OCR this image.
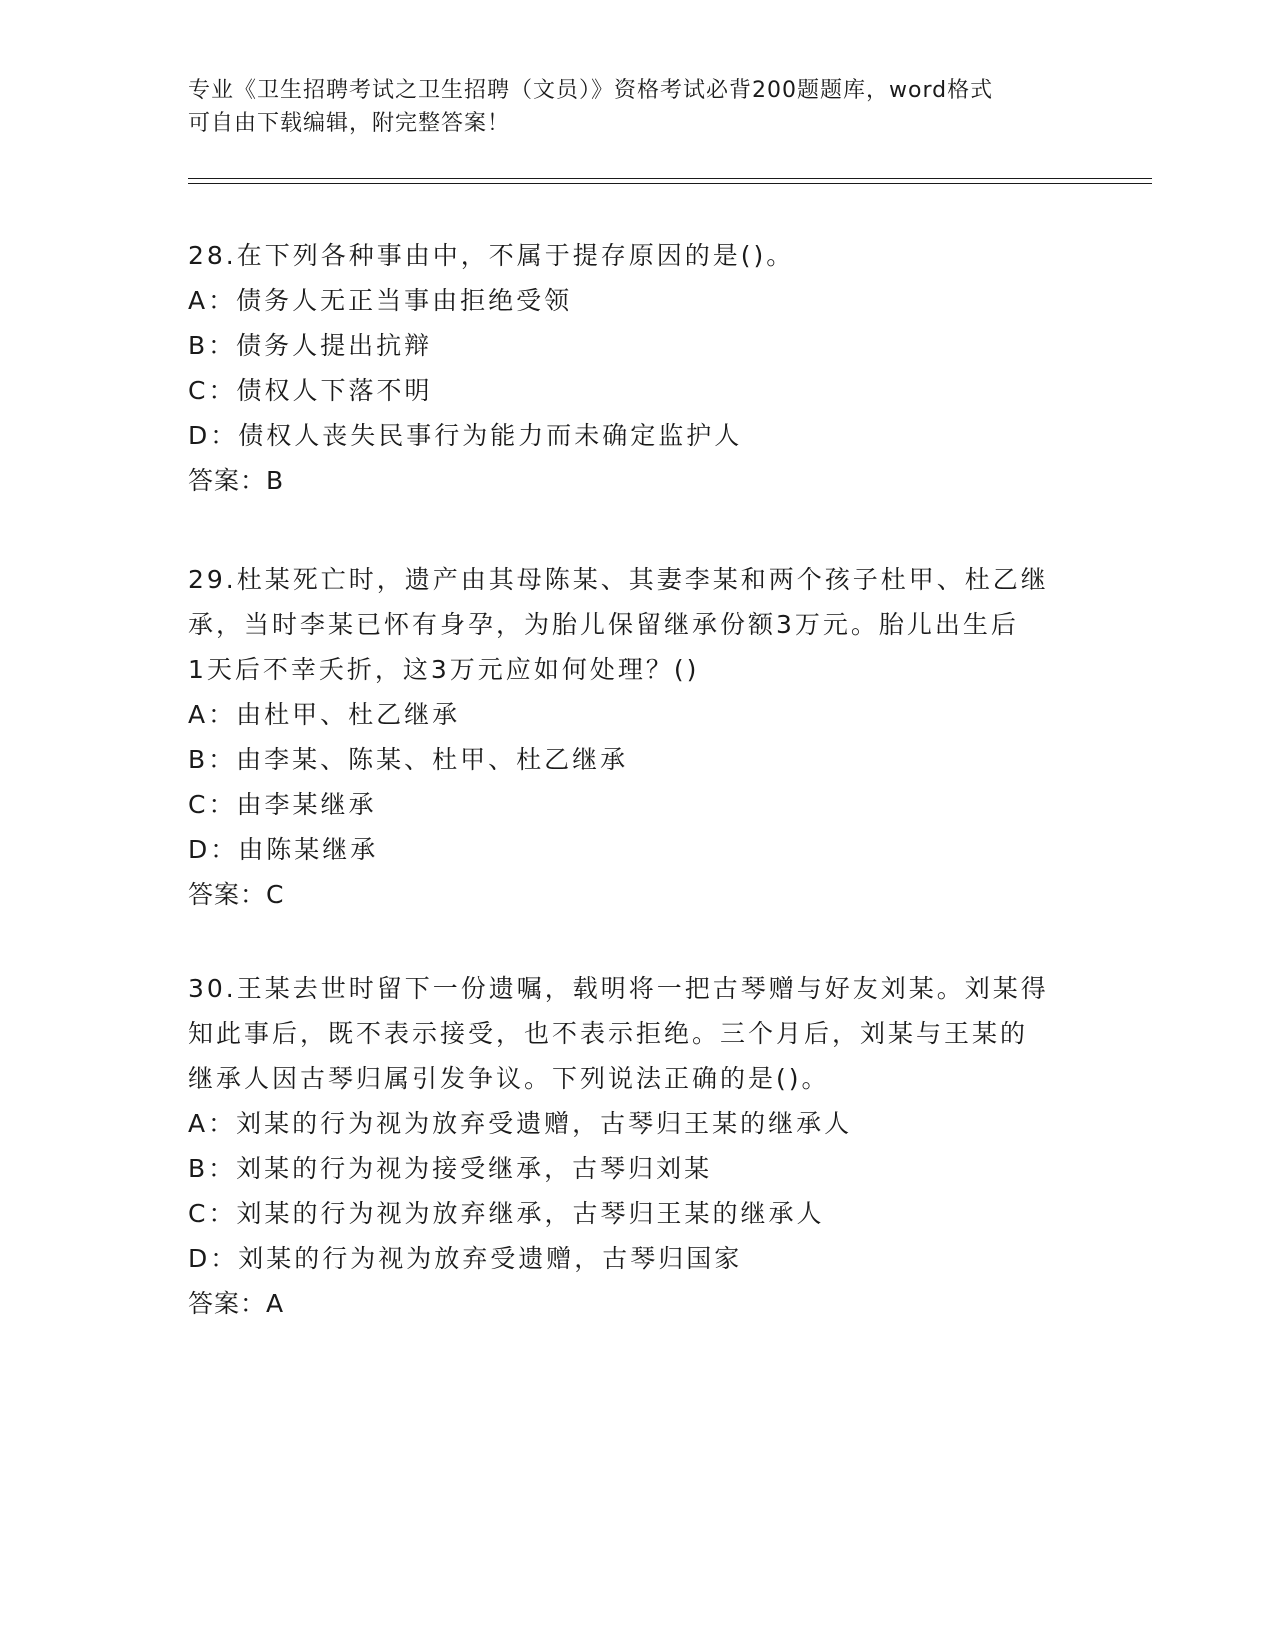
专业《卫生招聘考试之卫生招聘（文员）》资格考试必背200题题库，word格式
可自由下载编辑，附完整答案！
28.在下列各种事由中，不属于提存原因的是()。
A：债务人无正当事由拒绝受领
B：债务人提出抗辩
C：债权人下落不明
D：债权人丧失民事行为能力而未确定监护人
答案：B
29.杜某死亡时，遗产由其母陈某、其妻李某和两个孩子杜甲、杜乙继
承，当时李某已怀有身孕，为胎儿保留继承份额3万元。胎儿出生后
1天后不幸夭折，这3万元应如何处理？()
A：由杜甲、杜乙继承
B：由李某、陈某、杜甲、杜乙继承
C：由李某继承
D：由陈某继承
答案：C
30.王某去世时留下一份遗嘱，载明将一把古琴赠与好友刘某。刘某得
知此事后，既不表示接受，也不表示拒绝。三个月后，刘某与王某的
继承人因古琴归属引发争议。下列说法正确的是()。
A：刘某的行为视为放弃受遗赠，古琴归王某的继承人
B：刘某的行为视为接受继承，古琴归刘某
C：刘某的行为视为放弃继承，古琴归王某的继承人
D：刘某的行为视为放弃受遗赠，古琴归国家
答案：A
